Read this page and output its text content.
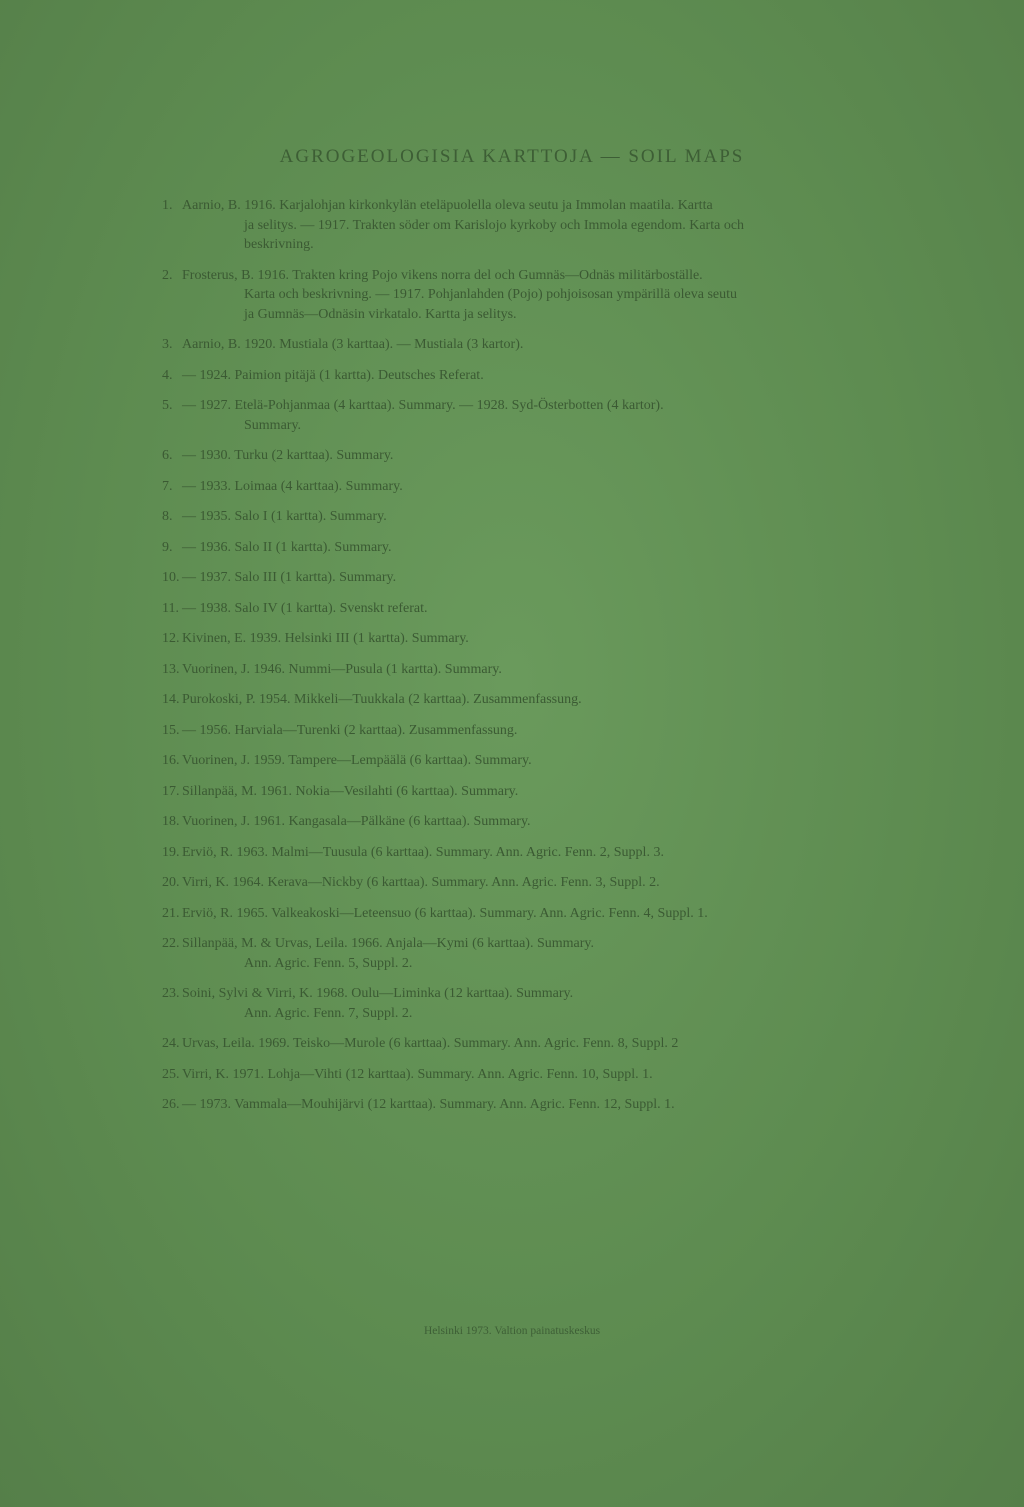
AGROGEOLOGISIA KARTTOJA — SOIL MAPS
1. Aarnio, B. 1916. Karjalohjan kirkonkylän eteläpuolella oleva seutu ja Immolan maatila. Kartta
ja selitys. — 1917. Trakten söder om Karislojo kyrkoby och Immola egendom. Karta och
beskrivning.
2. Frosterus, B. 1916. Trakten kring Pojo vikens norra del och Gumnäs—Odnäs militärboställe.
Karta och beskrivning. — 1917. Pohjanlahden (Pojo) pohjoisosan ympärillä oleva seutu
ja Gumnäs—Odnäsin virkatalo. Kartta ja selitys.
3. Aarnio, B. 1920. Mustiala (3 karttaa). — Mustiala (3 kartor).
4. — 1924. Paimion pitäjä (1 kartta). Deutsches Referat.
5. — 1927. Etelä-Pohjanmaa (4 karttaa). Summary. — 1928. Syd-Österbotten (4 kartor).
Summary.
6. — 1930. Turku (2 karttaa). Summary.
7. — 1933. Loimaa (4 karttaa). Summary.
8. — 1935. Salo I (1 kartta). Summary.
9. — 1936. Salo II (1 kartta). Summary.
10. — 1937. Salo III (1 kartta). Summary.
11. — 1938. Salo IV (1 kartta). Svenskt referat.
12. Kivinen, E. 1939. Helsinki III (1 kartta). Summary.
13. Vuorinen, J. 1946. Nummi—Pusula (1 kartta). Summary.
14. Purokoski, P. 1954. Mikkeli—Tuukkala (2 karttaa). Zusammenfassung.
15. — 1956. Harviala—Turenki (2 karttaa). Zusammenfassung.
16. Vuorinen, J. 1959. Tampere—Lempäälä (6 karttaa). Summary.
17. Sillanpää, M. 1961. Nokia—Vesilahti (6 karttaa). Summary.
18. Vuorinen, J. 1961. Kangasala—Pälkäne (6 karttaa). Summary.
19. Erviö, R. 1963. Malmi—Tuusula (6 karttaa). Summary. Ann. Agric. Fenn. 2, Suppl. 3.
20. Virri, K. 1964. Kerava—Nickby (6 karttaa). Summary. Ann. Agric. Fenn. 3, Suppl. 2.
21. Erviö, R. 1965. Valkeakoski—Leteensuo (6 karttaa). Summary. Ann. Agric. Fenn. 4, Suppl. 1.
22. Sillanpää, M. & Urvas, Leila. 1966. Anjala—Kymi (6 karttaa). Summary.
Ann. Agric. Fenn. 5, Suppl. 2.
23. Soini, Sylvi & Virri, K. 1968. Oulu—Liminka (12 karttaa). Summary.
Ann. Agric. Fenn. 7, Suppl. 2.
24. Urvas, Leila. 1969. Teisko—Murole (6 karttaa). Summary. Ann. Agric. Fenn. 8, Suppl. 2
25. Virri, K. 1971. Lohja—Vihti (12 karttaa). Summary. Ann. Agric. Fenn. 10, Suppl. 1.
26. — 1973. Vammala—Mouhijärvi (12 karttaa). Summary. Ann. Agric. Fenn. 12, Suppl. 1.
Helsinki 1973. Valtion painatuskeskus
